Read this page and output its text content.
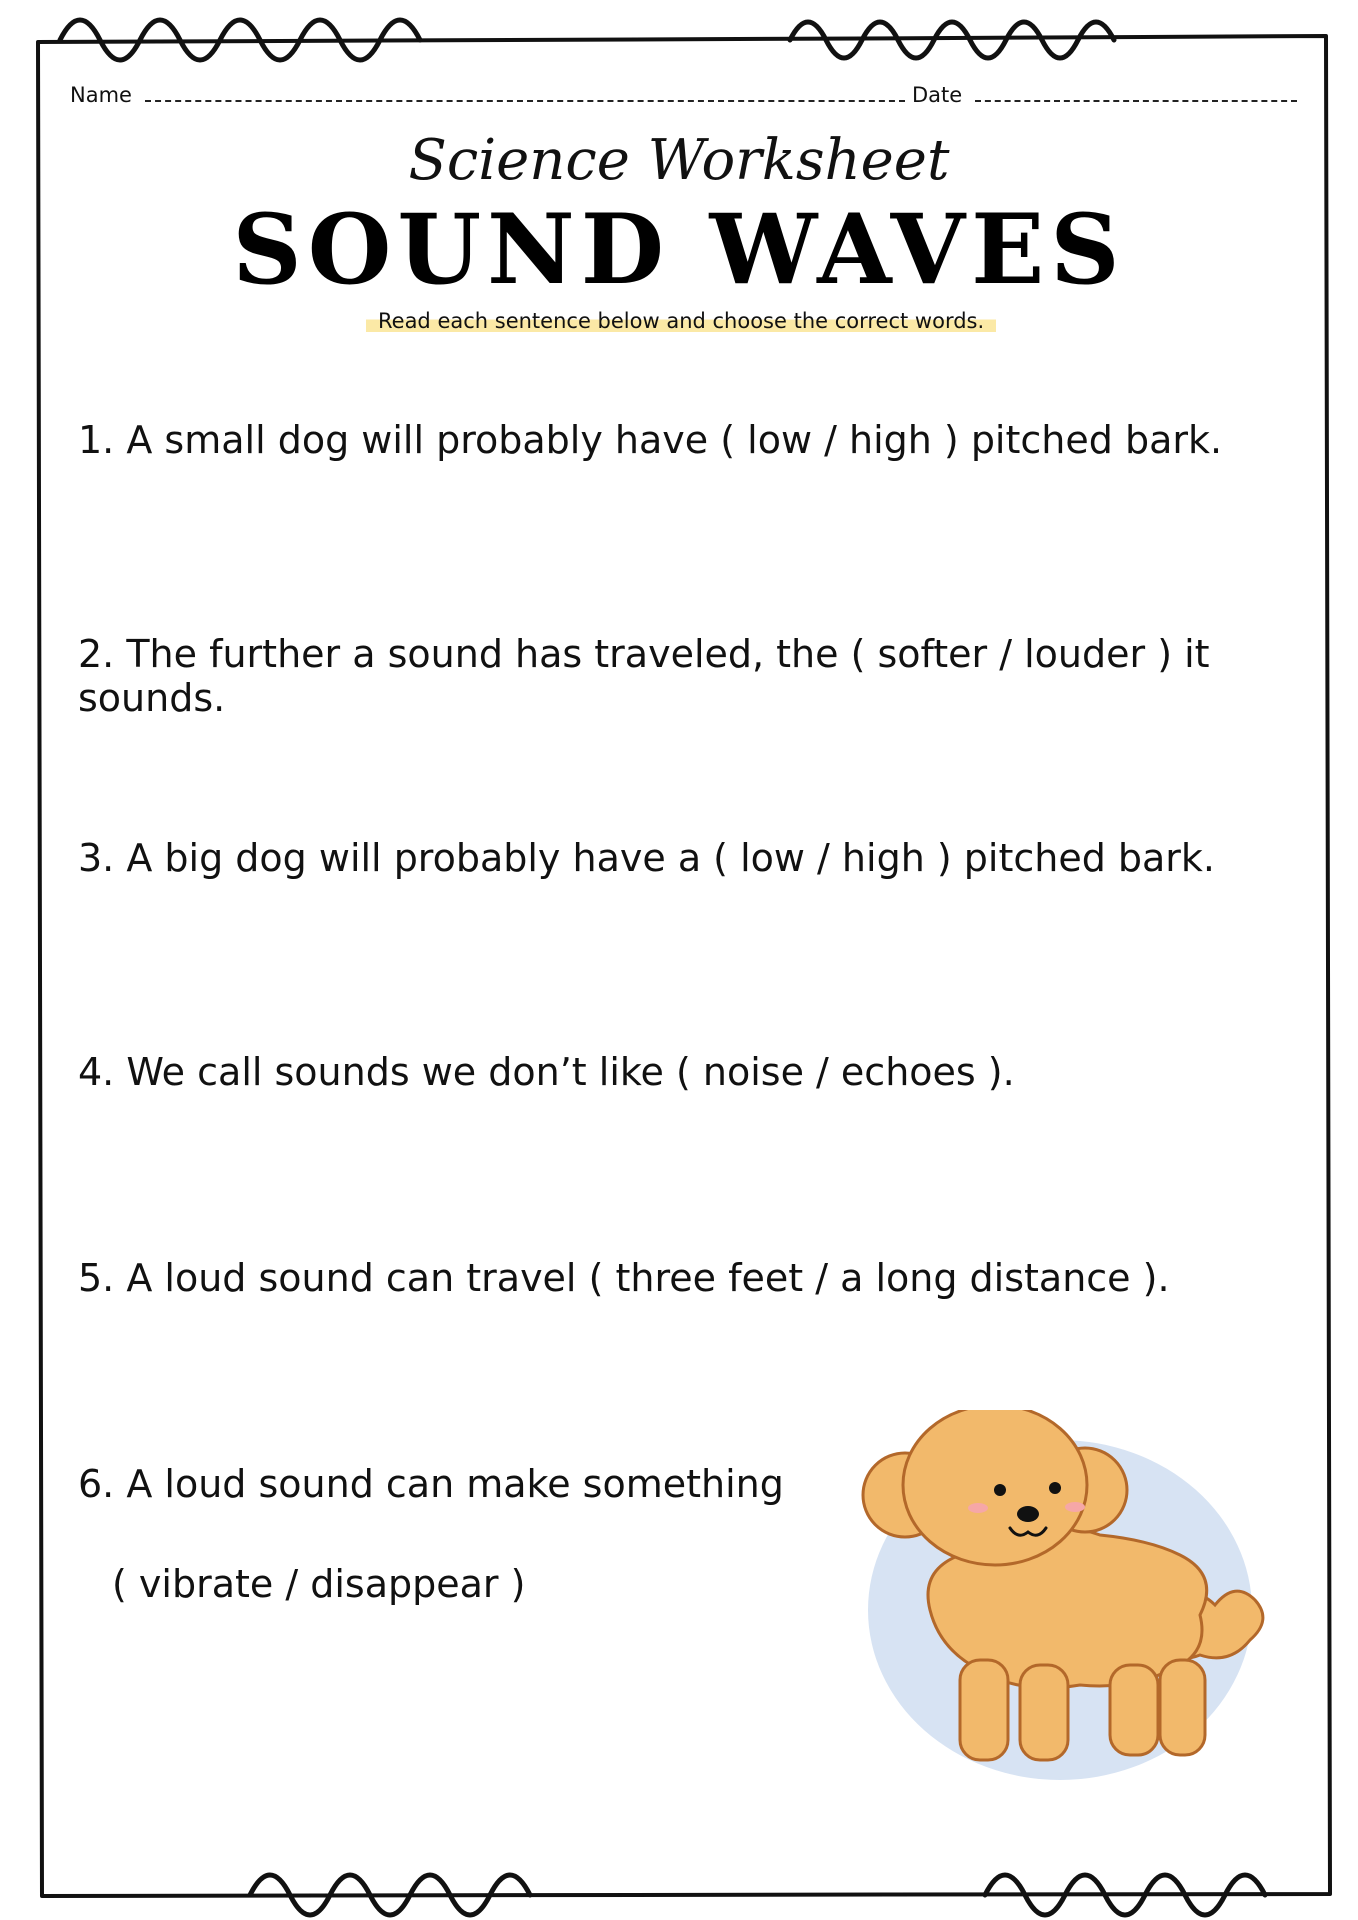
Name	Date
Science Worksheet
SOUND WAVES
Read each sentence below and choose the correct words.
1. A small dog will probably have ( low / high ) pitched bark.
2. The further a sound has traveled, the ( softer / louder ) it sounds.
3. A big dog will probably have a ( low / high ) pitched bark.
4. We call sounds we don’t like ( noise / echoes ).
5. A loud sound can travel ( three feet / a long distance ).
6. A loud sound can make something
( vibrate / disappear )
